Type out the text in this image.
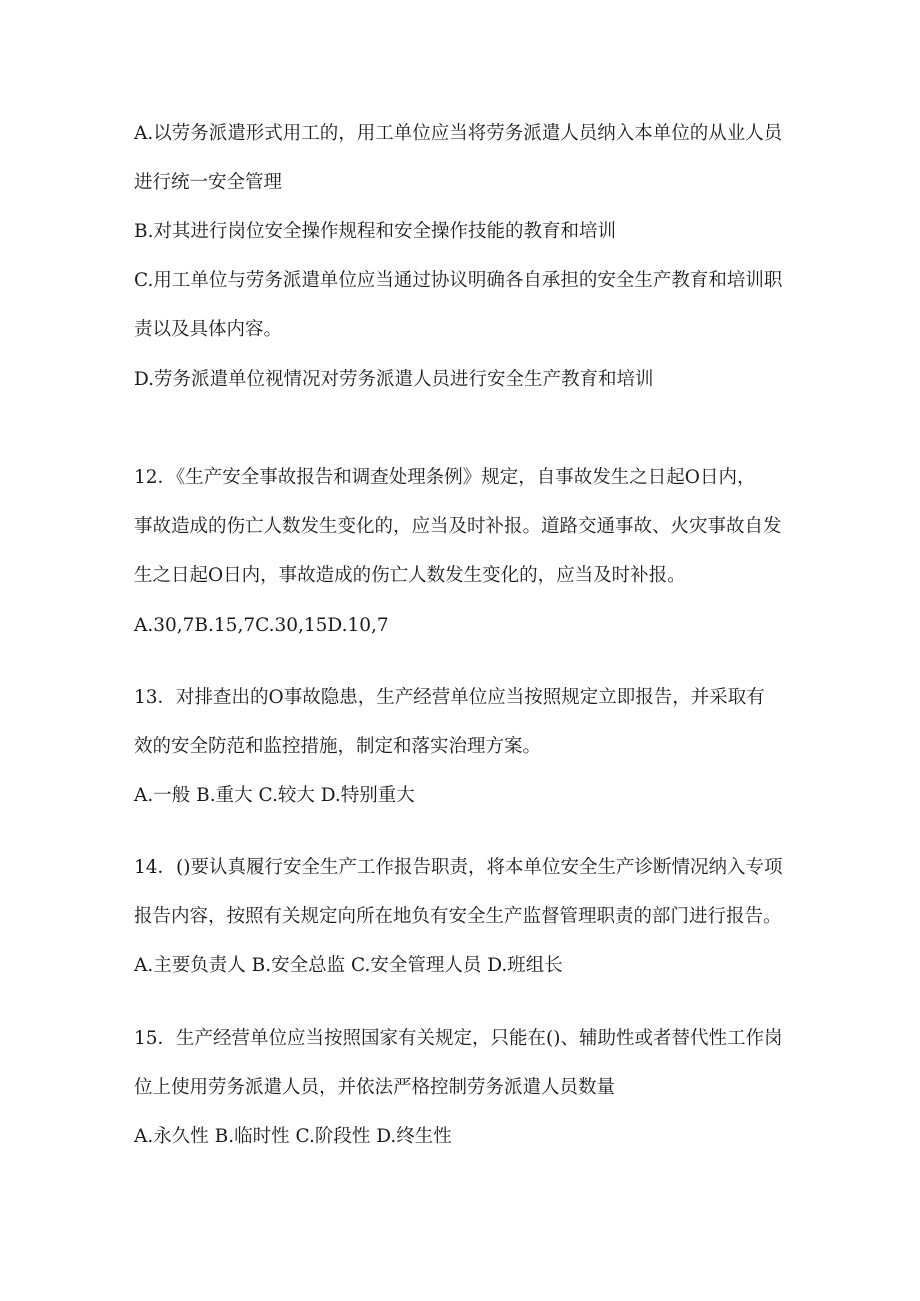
A.以劳务派遣形式用工的，用工单位应当将劳务派遣人员纳入本单位的从业人员
进行统一安全管理
B.对其进行岗位安全操作规程和安全操作技能的教育和培训
C.用工单位与劳务派遣单位应当通过协议明确各自承担的安全生产教育和培训职
责以及具体内容。
D.劳务派遣单位视情况对劳务派遣人员进行安全生产教育和培训
12．《生产安全事故报告和调查处理条例》规定，自事故发生之日起O日内，
事故造成的伤亡人数发生变化的，应当及时补报。道路交通事故、火灾事故自发
生之日起O日内，事故造成的伤亡人数发生变化的，应当及时补报。
A.30,7B.15,7C.30,15D.10,7
13．对排查出的O事故隐患，生产经营单位应当按照规定立即报告，并采取有
效的安全防范和监控措施，制定和落实治理方案。
A.一般 B.重大 C.较大 D.特别重大
14．()要认真履行安全生产工作报告职责，将本单位安全生产诊断情况纳入专项
报告内容，按照有关规定向所在地负有安全生产监督管理职责的部门进行报告。
A.主要负责人 B.安全总监 C.安全管理人员 D.班组长
15．生产经营单位应当按照国家有关规定，只能在()、辅助性或者替代性工作岗
位上使用劳务派遣人员，并依法严格控制劳务派遣人员数量
A.永久性 B.临时性 C.阶段性 D.终生性
